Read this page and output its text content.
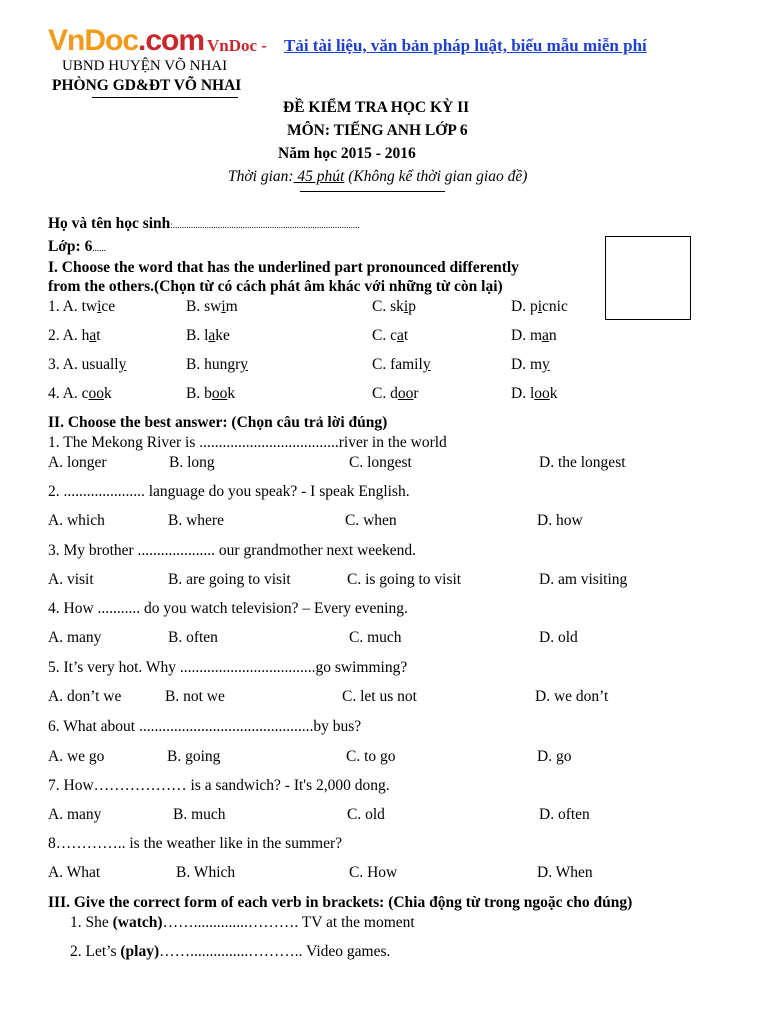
VnDoc.com VnDoc - Tải tài liệu, văn bản pháp luật, biểu mẫu miễn phí
UBND HUYỆN VÕ NHAI
PHÒNG GD&ĐT VÕ NHAI
ĐỀ KIỂM TRA HỌC KỲ II
MÔN: TIẾNG ANH LỚP 6
Năm học 2015 - 2016
Thời gian: 45 phút (Không kể thời gian giao đề)
Họ và tên học sinh:...................................................................................
Lớp: 6......
I. Choose the word that has the underlined part pronounced differently
from the others.(Chọn từ có cách phát âm khác với những từ còn lại)
1. A. twice	B. swim	C. skip	D. picnic
2. A. hat	B. lake	C. cat	D. man
3. A. usually	B. hungry	C. family	D. my
4. A. cook	B. book	C. door	D. look
II. Choose the best answer: (Chọn câu trả lời đúng)
1. The Mekong River is ....................................river in the world
A. longer	B. long	C. longest	D. the longest
2. ..................... language do you speak? - I speak English.
A. which	B. where	C. when	D. how
3. My brother .................... our grandmother next weekend.
A. visit	B. are going to visit	C. is going to visit	D. am visiting
4. How ........... do you watch television? – Every evening.
A. many	B. often	C. much	D. old
5. It’s very hot. Why ...................................go swimming?
A. don’t we	B. not we	C. let us not	D. we don’t
6. What about .............................................by bus?
A. we go	B. going	C. to go	D. go
7. How……………… is a sandwich? - It's 2,000 dong.
A. many	B. much	C. old	D. often
8………….. is the weather like in the summer?
A. What	B. Which	C. How	D. When
III. Give the correct form of each verb in brackets: (Chia động từ trong ngoặc cho đúng)
1. She (watch)……..............………. TV at the moment
2. Let’s (play)……...............……….. Video games.
